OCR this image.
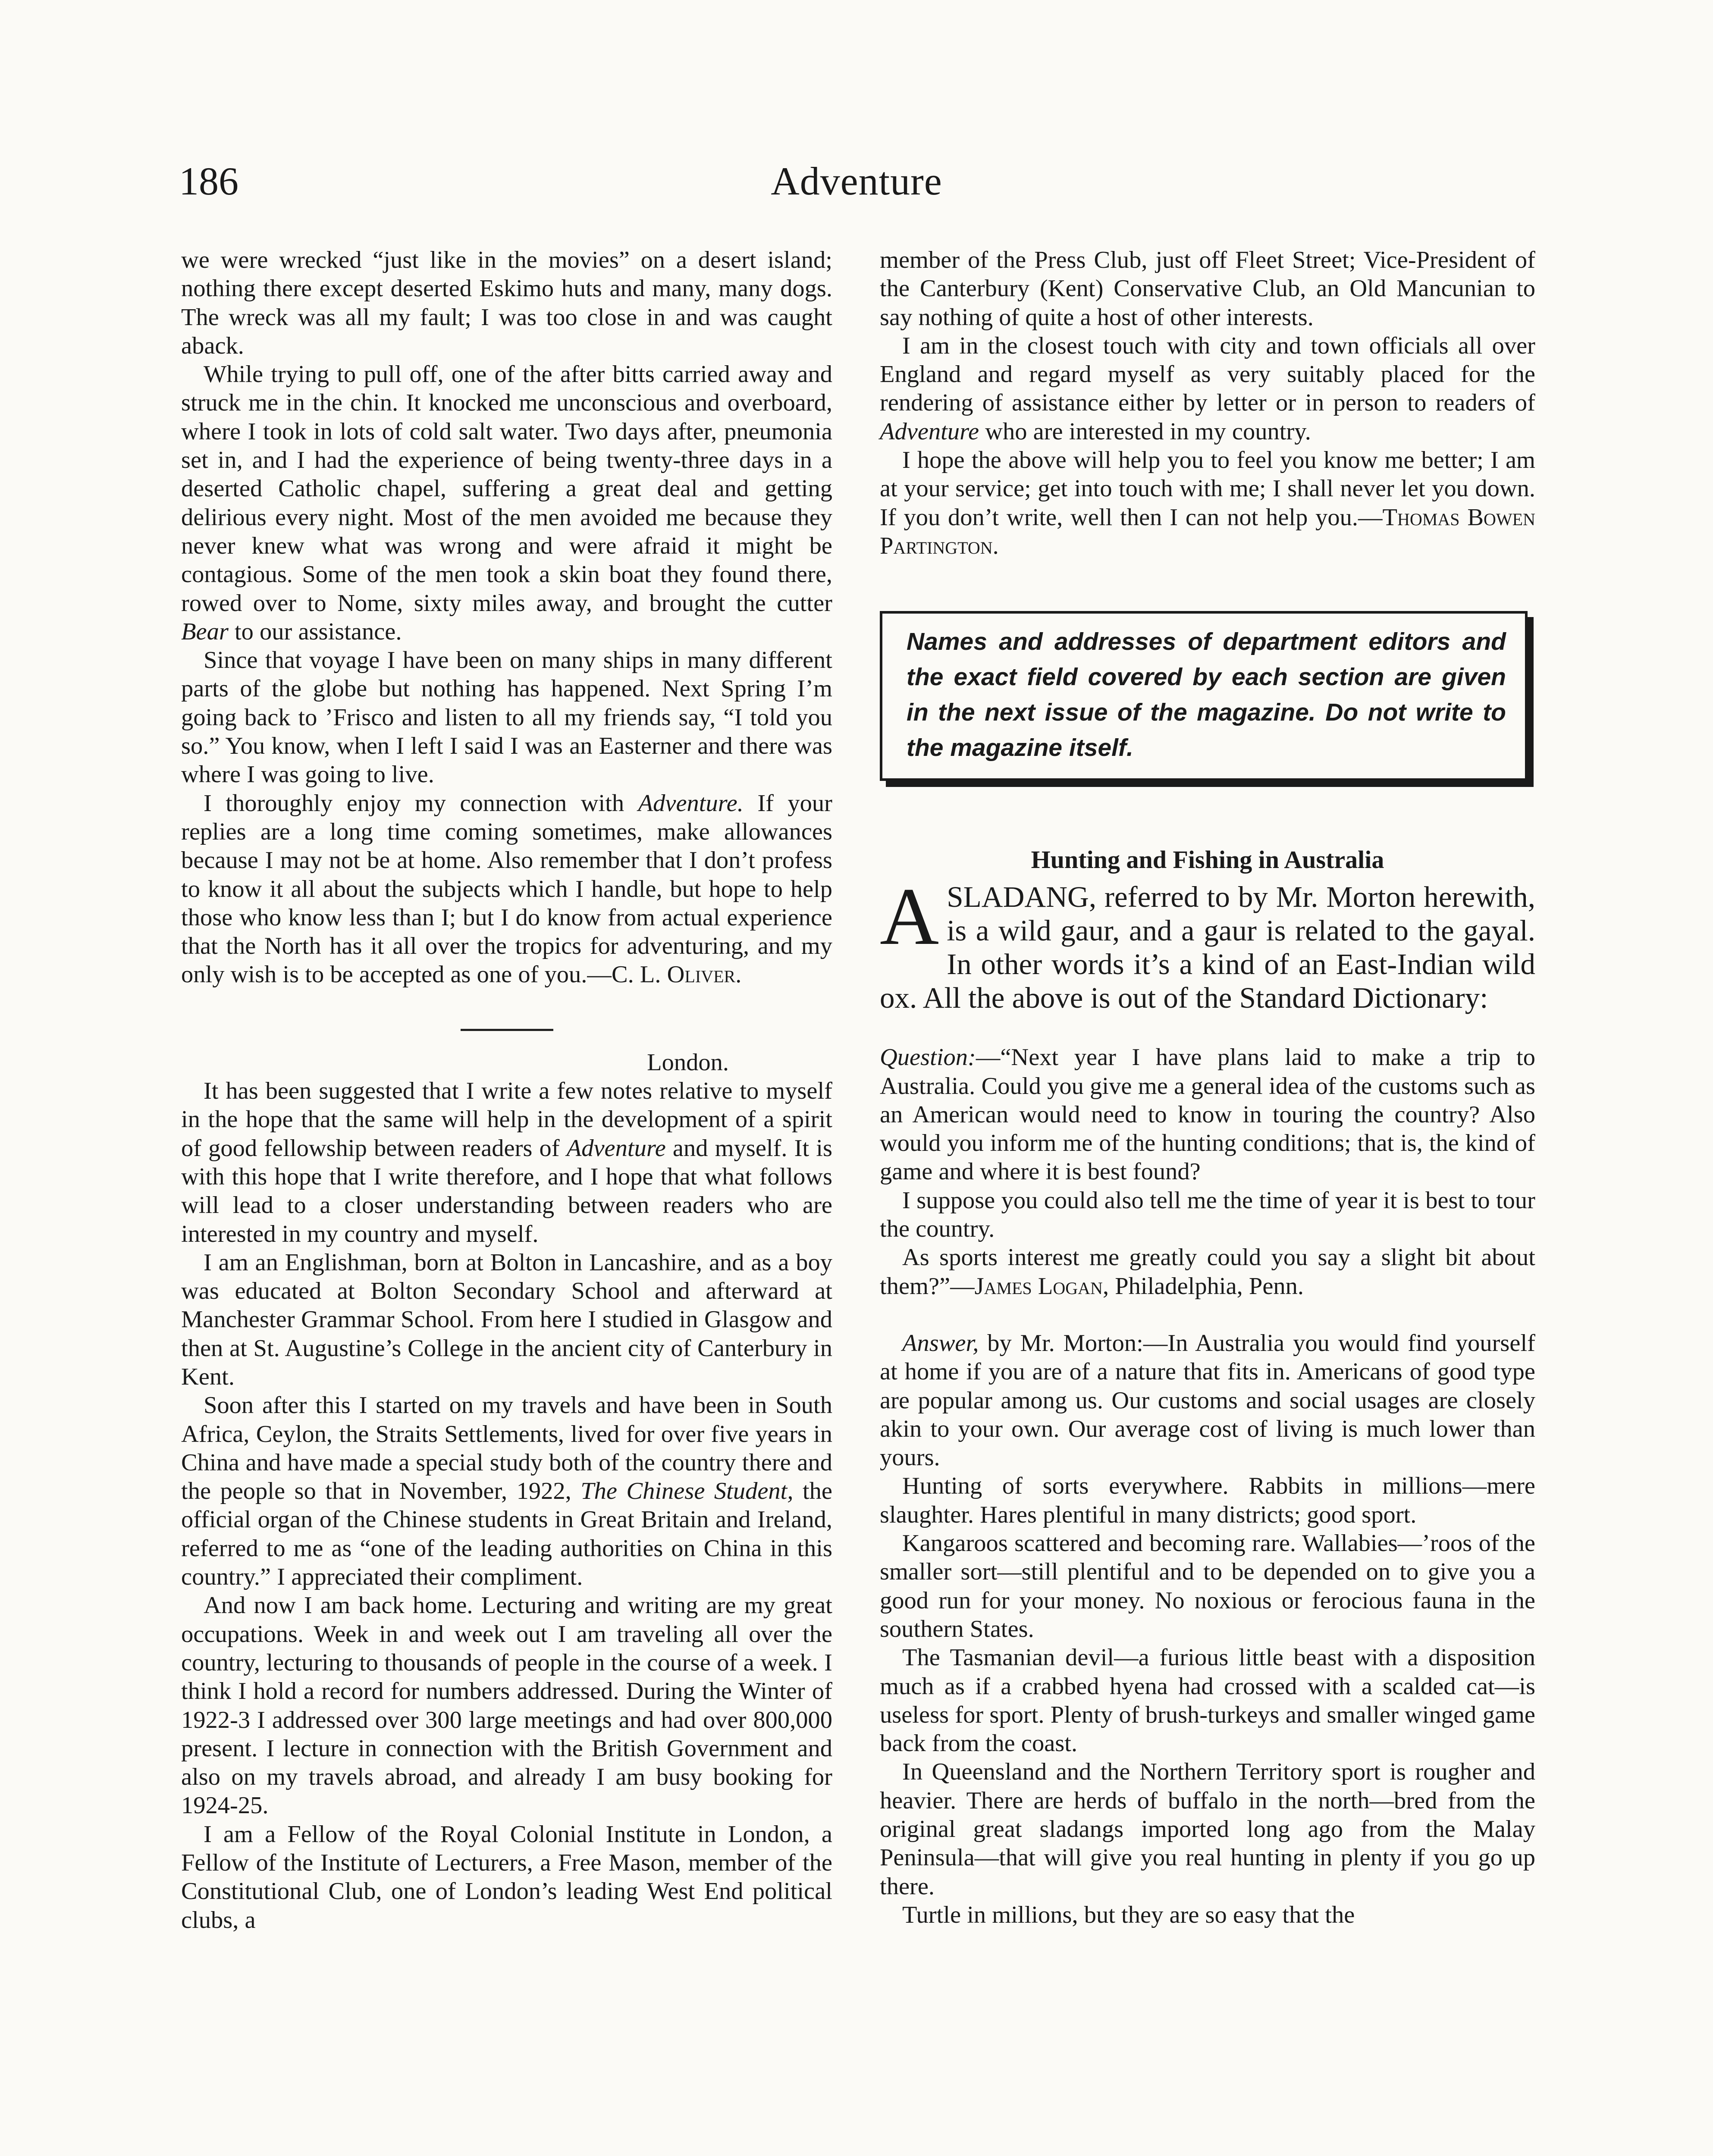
186	Adventure

we were wrecked “just like in the movies” on a desert island; nothing there except deserted Eskimo huts and many, many dogs. The wreck was all my fault; I was too close in and was caught aback.

While trying to pull off, one of the after bitts carried away and struck me in the chin. It knocked me unconscious and overboard, where I took in lots of cold salt water. Two days after, pneumonia set in, and I had the experience of being twenty-three days in a deserted Catholic chapel, suffering a great deal and getting delirious every night. Most of the men avoided me because they never knew what was wrong and were afraid it might be contagious. Some of the men took a skin boat they found there, rowed over to Nome, sixty miles away, and brought the cutter Bear to our assistance.

Since that voyage I have been on many ships in many different parts of the globe but nothing has happened. Next Spring I’m going back to ’Frisco and listen to all my friends say, “I told you so.” You know, when I left I said I was an Easterner and there was where I was going to live.

I thoroughly enjoy my connection with Adventure. If your replies are a long time coming sometimes, make allowances because I may not be at home. Also remember that I don’t profess to know it all about the subjects which I handle, but hope to help those who know less than I; but I do know from actual experience that the North has it all over the tropics for adventuring, and my only wish is to be accepted as one of you.—C. L. Oliver.

London.

It has been suggested that I write a few notes relative to myself in the hope that the same will help in the development of a spirit of good fellowship between readers of Adventure and myself. It is with this hope that I write therefore, and I hope that what follows will lead to a closer understanding between readers who are interested in my country and myself.

I am an Englishman, born at Bolton in Lancashire, and as a boy was educated at Bolton Secondary School and afterward at Manchester Grammar School. From here I studied in Glasgow and then at St. Augustine’s College in the ancient city of Canterbury in Kent.

Soon after this I started on my travels and have been in South Africa, Ceylon, the Straits Settlements, lived for over five years in China and have made a special study both of the country there and the people so that in November, 1922, The Chinese Student, the official organ of the Chinese students in Great Britain and Ireland, referred to me as “one of the leading authorities on China in this country.” I appreciated their compliment.

And now I am back home. Lecturing and writing are my great occupations. Week in and week out I am traveling all over the country, lecturing to thousands of people in the course of a week. I think I hold a record for numbers addressed. During the Winter of 1922-3 I addressed over 300 large meetings and had over 800,000 present. I lecture in connection with the British Government and also on my travels abroad, and already I am busy booking for 1924-25.

I am a Fellow of the Royal Colonial Institute in London, a Fellow of the Institute of Lecturers, a Free Mason, member of the Constitutional Club, one of London’s leading West End political clubs, a

member of the Press Club, just off Fleet Street; Vice-President of the Canterbury (Kent) Conservative Club, an Old Mancunian to say nothing of quite a host of other interests.

I am in the closest touch with city and town officials all over England and regard myself as very suitably placed for the rendering of assistance either by letter or in person to readers of Adventure who are interested in my country.

I hope the above will help you to feel you know me better; I am at your service; get into touch with me; I shall never let you down. If you don’t write, well then I can not help you.—Thomas Bowen Partington.

Names and addresses of department editors and the exact field covered by each section are given in the next issue of the magazine. Do not write to the magazine itself.
Hunting and Fishing in Australia
ASLADANG, referred to by Mr. Morton herewith, is a wild gaur, and a gaur is related to the gayal. In other words it’s a kind of an East-Indian wild ox. All the above is out of the Standard Dictionary:

Question:—“Next year I have plans laid to make a trip to Australia. Could you give me a general idea of the customs such as an American would need to know in touring the country? Also would you inform me of the hunting conditions; that is, the kind of game and where it is best found?

I suppose you could also tell me the time of year it is best to tour the country.

As sports interest me greatly could you say a slight bit about them?”—James Logan, Philadelphia, Penn.

Answer, by Mr. Morton:—In Australia you would find yourself at home if you are of a nature that fits in. Americans of good type are popular among us. Our customs and social usages are closely akin to your own. Our average cost of living is much lower than yours.

Hunting of sorts everywhere. Rabbits in millions—mere slaughter. Hares plentiful in many districts; good sport.

Kangaroos scattered and becoming rare. Wallabies—’roos of the smaller sort—still plentiful and to be depended on to give you a good run for your money. No noxious or ferocious fauna in the southern States.

The Tasmanian devil—a furious little beast with a disposition much as if a crabbed hyena had crossed with a scalded cat—is useless for sport. Plenty of brush-turkeys and smaller winged game back from the coast.

In Queensland and the Northern Territory sport is rougher and heavier. There are herds of buffalo in the north—bred from the original great sladangs imported long ago from the Malay Peninsula—that will give you real hunting in plenty if you go up there.

Turtle in millions, but they are so easy that the
